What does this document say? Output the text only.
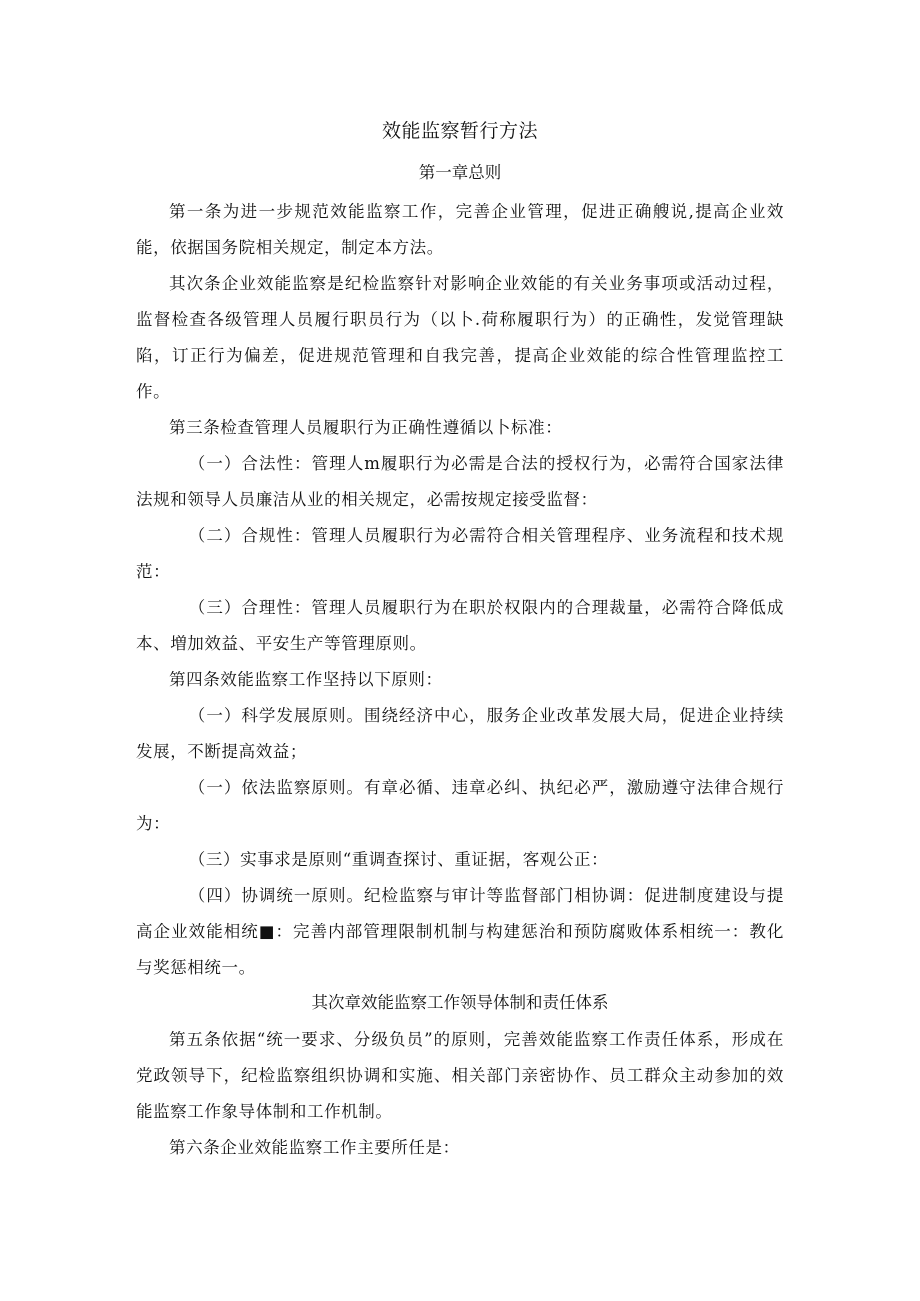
效能监察暂行方法
第一章总则

第一条为进一步规范效能监察工作，完善企业管理，促进正确艘说,提高企业效能，依据国务院相关规定，制定本方法。

其次条企业效能监察是纪检监察针对影响企业效能的有关业务事项或活动过程，监督检查各级管理人员履行职员行为（以卜.荷称履职行为）的正确性，发觉管理缺陷，订正行为偏差，促进规范管理和自我完善，提高企业效能的综合性管理监控工作。

第三条检查管理人员履职行为正确性遵循以卜标准：

（一）合法性：管理人m履职行为必需是合法的授权行为，必需符合国家法律法规和领导人员廉洁从业的相关规定，必需按规定接受监督：

（二）合规性：管理人员履职行为必需符合相关管理程序、业务流程和技术规范：

（三）合理性：管理人员履职行为在职於权限内的合理裁量，必需符合降低成本、増加效益、平安生产等管理原则。

第四条效能监察工作坚持以下原则：

（一）科学发展原则。围绕经济中心，服务企业改革发展大局，促进企业持续发展，不断提高效益；

（一）依法监察原则。有章必循、违章必纠、执纪必严，激励遵守法律合规行为：

（三）实事求是原则“重调查探讨、重证据，客观公正：

（四）协调统一原则。纪检监察与审计等监督部门相协调：促进制度建设与提高企业效能相统■：完善内部管理限制机制与构建惩治和预防腐败体系相统一：教化与奖惩相统一。

其次章效能监察工作领导体制和责任体系

第五条依据“统一要求、分级负员”的原则，完善效能监察工作责任体系，形成在党政领导下，纪检监察组织协调和实施、相关部门亲密协作、员工群众主动参加的效能监察工作象导体制和工作机制。

第六条企业效能监察工作主要所任是：
